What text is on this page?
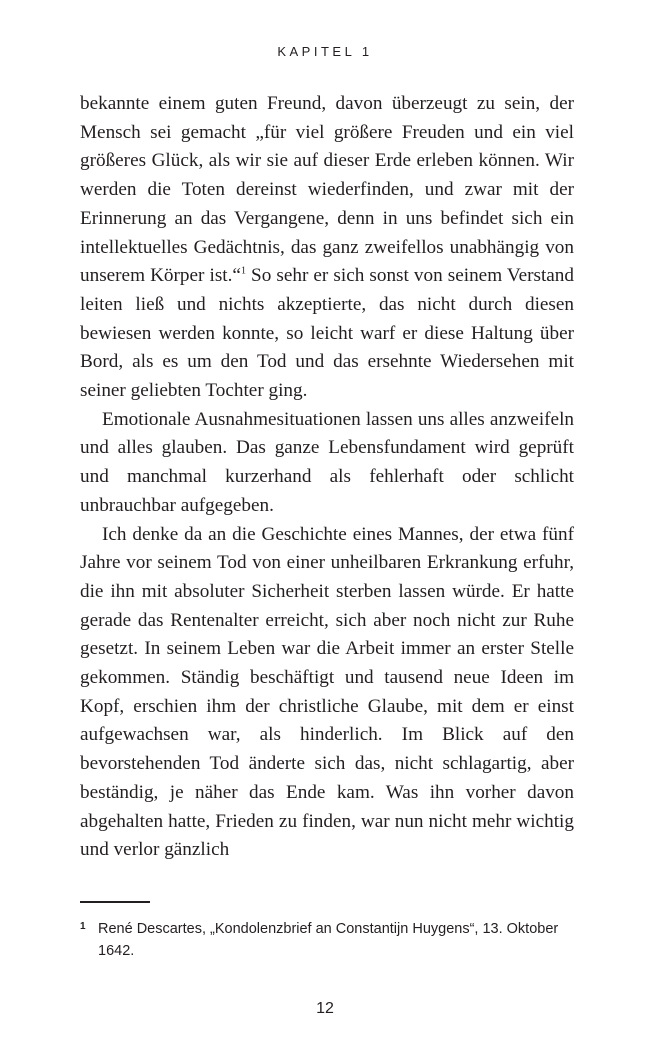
KAPITEL 1

bekannte einem guten Freund, davon überzeugt zu sein, der Mensch sei gemacht „für viel größere Freuden und ein viel größeres Glück, als wir sie auf dieser Erde erleben können. Wir werden die Toten dereinst wiederfinden, und zwar mit der Erinnerung an das Vergangene, denn in uns befindet sich ein intellektuelles Gedächtnis, das ganz zweifellos unabhängig von unserem Körper ist.“$^1$ So sehr er sich sonst von seinem Verstand leiten ließ und nichts akzeptierte, das nicht durch diesen bewiesen werden konnte, so leicht warf er diese Haltung über Bord, als es um den Tod und das ersehnte Wiedersehen mit seiner geliebten Tochter ging.

Emotionale Ausnahmesituationen lassen uns alles anzweifeln und alles glauben. Das ganze Lebensfundament wird geprüft und manchmal kurzerhand als fehlerhaft oder schlicht unbrauchbar aufgegeben.

Ich denke da an die Geschichte eines Mannes, der etwa fünf Jahre vor seinem Tod von einer unheilbaren Erkrankung erfuhr, die ihn mit absoluter Sicherheit sterben lassen würde. Er hatte gerade das Rentenalter erreicht, sich aber noch nicht zur Ruhe gesetzt. In seinem Leben war die Arbeit immer an erster Stelle gekommen. Ständig beschäftigt und tausend neue Ideen im Kopf, erschien ihm der christliche Glaube, mit dem er einst aufgewachsen war, als hinderlich. Im Blick auf den bevorstehenden Tod änderte sich das, nicht schlagartig, aber beständig, je näher das Ende kam. Was ihn vorher davon abgehalten hatte, Frieden zu finden, war nun nicht mehr wichtig und verlor gänzlich

1 René Descartes, „Kondolenzbrief an Constantijn Huygens“, 13. Oktober 1642.
12
